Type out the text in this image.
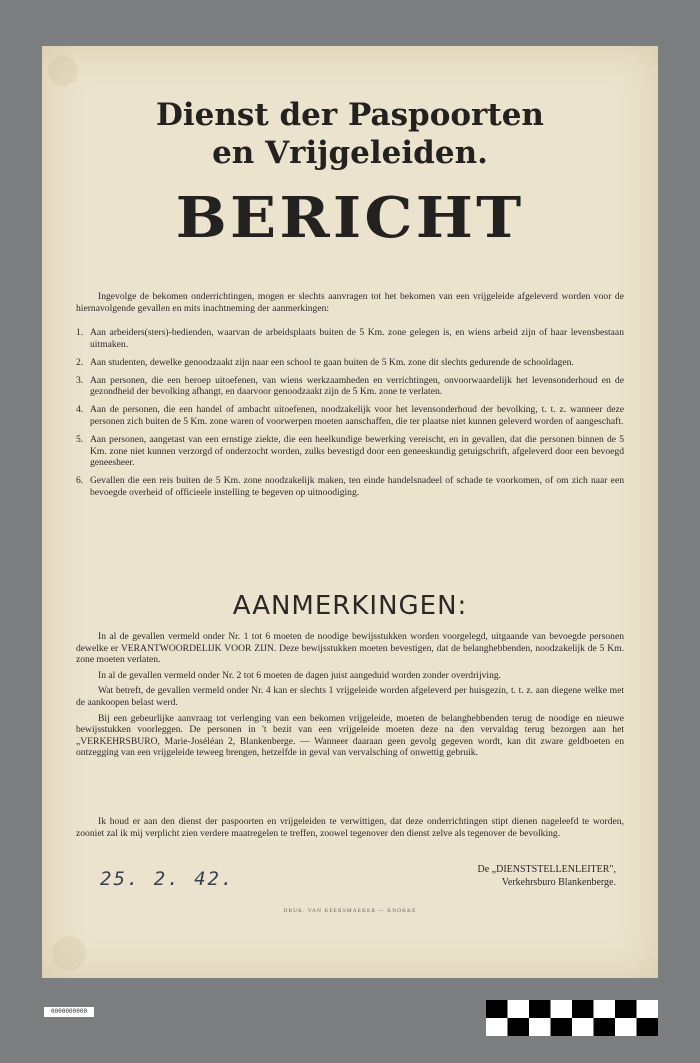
Dienst der Paspoorten
en Vrijgeleiden.
BERICHT
Ingevolge de bekomen onderrichtingen, mogen er slechts aanvragen tot het bekomen van een vrijgeleide afgeleverd worden voor de hiernavolgende gevallen en mits inachtneming der aanmerkingen:
1. Aan arbeiders(sters)-bedienden, waarvan de arbeidsplaats buiten de 5 Km. zone gelegen is, en wiens arbeid zijn of haar levensbestaan uitmaken.
2. Aan studenten, dewelke genoodzaakt zijn naar een school te gaan buiten de 5 Km. zone dit slechts gedurende de schooldagen.
3. Aan personen, die een beroep uitoefenen, van wiens werkzaamheden en verrichtingen, onvoorwaardelijk het levensonderhoud en de gezondheid der bevolking afhangt, en daarvoor genoodzaakt zijn de 5 Km. zone te verlaten.
4. Aan de personen, die een handel of ambacht uitoefenen, noodzakelijk voor het levensonderhoud der bevolking, t. t. z. wanneer deze personen zich buiten de 5 Km. zone waren of voorwerpen moeten aanschaffen, die ter plaatse niet kunnen geleverd worden of aangeschaft.
5. Aan personen, aangetast van een ernstige ziekte, die een heelkundige bewerking vereischt, en in gevallen, dat die personen binnen de 5 Km. zone niet kunnen verzorgd of onderzocht worden, zulks bevestigd door een geneeskundig getuigschrift, afgeleverd door een bevoegd geneesheer.
6. Gevallen die een reis buiten de 5 Km. zone noodzakelijk maken, ten einde handelsnadeel of schade te voorkomen, of om zich naar een bevoegde overheid of officieele instelling te begeven op uitnoodiging.
AANMERKINGEN:

In al de gevallen vermeld onder Nr. 1 tot 6 moeten de noodige bewijsstukken worden voorgelegd, uitgaande van bevoegde personen dewelke er VERANTWOORDELIJK VOOR ZIJN. Deze bewijsstukken moeten bevestigen, dat de belanghebbenden, noodzakelijk de 5 Km. zone moeten verlaten.

In al de gevallen vermeld onder Nr. 2 tot 6 moeten de dagen juist aangeduid worden zonder overdrijving.

Wat betreft, de gevallen vermeld onder Nr. 4 kan er slechts 1 vrijgeleide worden afgeleverd per huisgezin, t. t. z. aan diegene welke met de aankoopen belast werd.

Bij een gebeurlijke aanvraag tot verlenging van een bekomen vrijgeleide, moeten de belanghebbenden terug de noodige en nieuwe bewijsstukken voorleggen. De personen in 't bezit van een vrijgeleide moeten deze na den vervaldag terug bezorgen aan het „VERKEHRSBURO, Marie-Joséléan 2, Blankenberge. — Wanneer daaraan geen gevolg gegeven wordt, kan dit zware geldboeten en ontzegging van een vrijgeleide teweeg brengen, hetzelfde in geval van vervalsching of onwettig gebruik.

Ik houd er aan den dienst der paspoorten en vrijgeleiden te verwittigen, dat deze onderrichtingen stipt dienen nageleefd te worden, zooniet zal ik mij verplicht zien verdere maatregelen te treffen, zoowel tegenover den dienst zelve als tegenover de bevolking.

25. 2. 42.	De „DIENSTSTELLENLEITER",
Verkehrsburo Blankenberge.
DRUK. VAN KEERSMAEKER — KNOKKE
0000000000
